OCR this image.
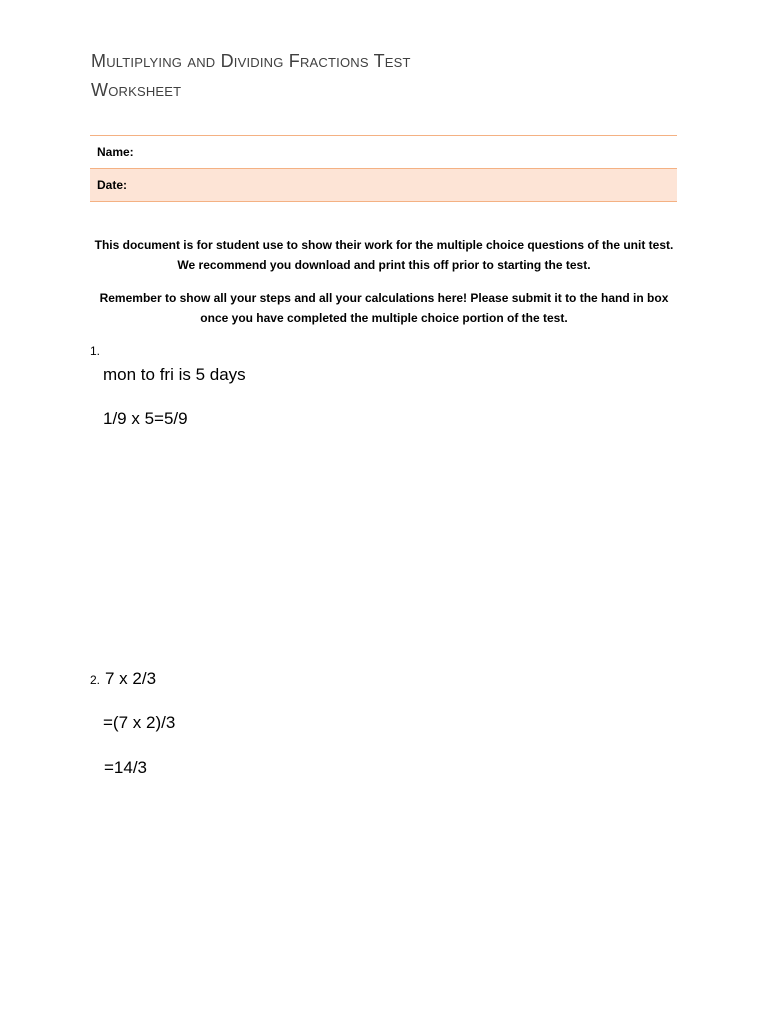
Multiplying and Dividing Fractions Test
Worksheet
Name:
Date:

This document is for student use to show their work for the multiple choice questions of the unit test.
We recommend you download and print this off prior to starting the test.

Remember to show all your steps and all your calculations here! Please submit it to the hand in box
once you have completed the multiple choice portion of the test.

1.
mon to fri is 5 days
1/9 x 5=5/9
2. 7 x 2/3
=(7 x 2)/3
=14/3
